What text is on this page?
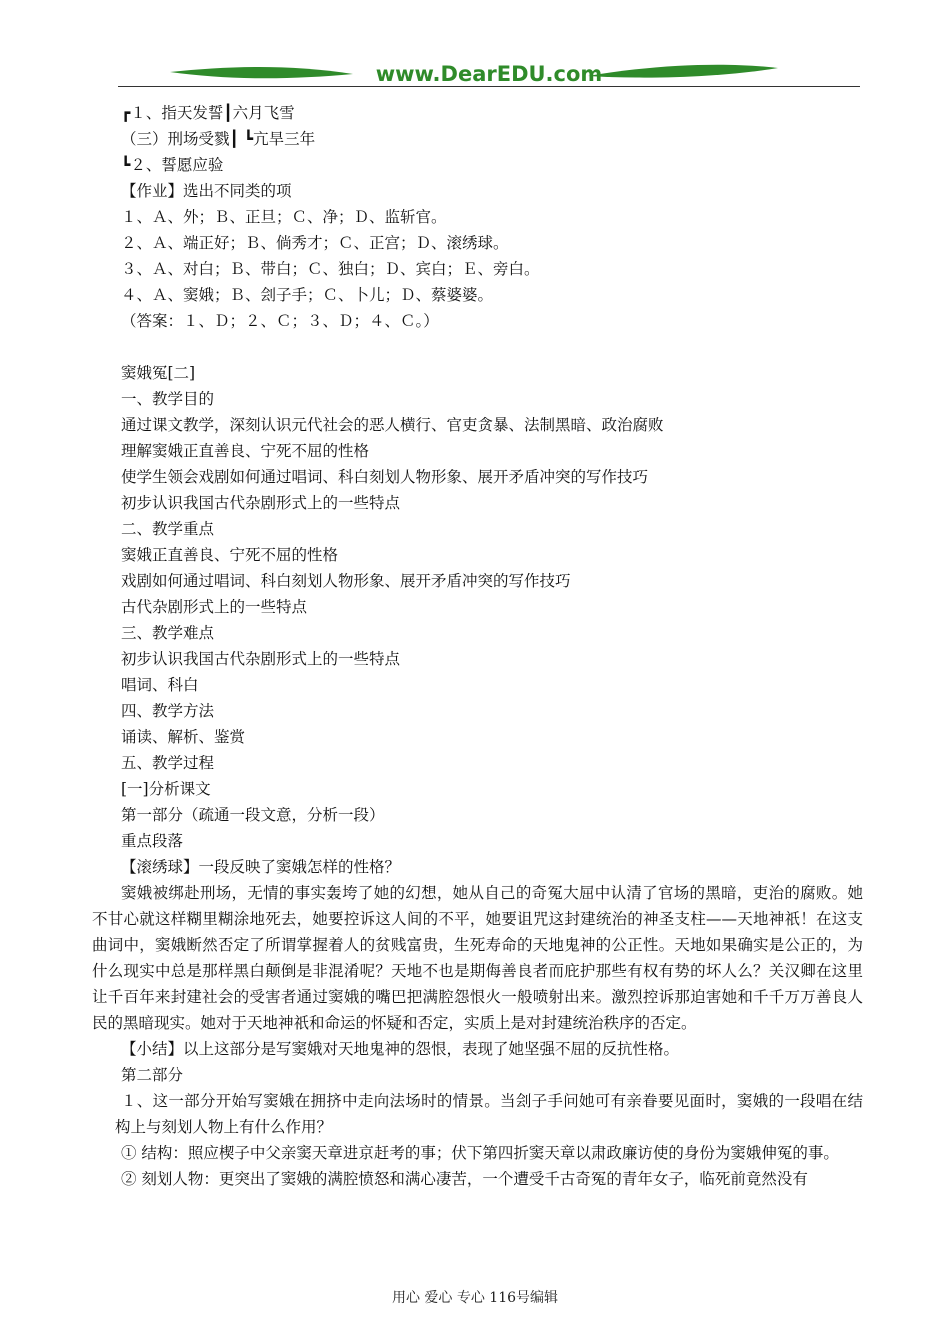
www.DearEDU.com
┏１、指天发誓┃六月飞雪
（三）刑场受戮┃ ┗亢旱三年
┗２、誓愿应验
【作业】选出不同类的项
１、Ａ、外；Ｂ、正旦；Ｃ、净；Ｄ、监斩官。
２、Ａ、端正好；Ｂ、倘秀才；Ｃ、正宫；Ｄ、滚绣球。
３、Ａ、对白；Ｂ、带白；Ｃ、独白；Ｄ、宾白；Ｅ、旁白。
４、Ａ、窦娥；Ｂ、刽子手；Ｃ、卜儿；Ｄ、蔡婆婆。
（答案：１、Ｄ；２、Ｃ；３、Ｄ；４、Ｃ。）
窦娥冤[二]
一、教学目的
通过课文教学，深刻认识元代社会的恶人横行、官吏贪暴、法制黑暗、政治腐败
理解窦娥正直善良、宁死不屈的性格
使学生领会戏剧如何通过唱词、科白刻划人物形象、展开矛盾冲突的写作技巧
初步认识我国古代杂剧形式上的一些特点
二、教学重点
窦娥正直善良、宁死不屈的性格
戏剧如何通过唱词、科白刻划人物形象、展开矛盾冲突的写作技巧
古代杂剧形式上的一些特点
三、教学难点
初步认识我国古代杂剧形式上的一些特点
唱词、科白
四、教学方法
诵读、解析、鉴赏
五、教学过程
[一]分析课文
第一部分（疏通一段文意，分析一段）
重点段落
【滚绣球】一段反映了窦娥怎样的性格？
窦娥被绑赴刑场，无情的事实轰垮了她的幻想，她从自己的奇冤大屈中认清了官场的黑暗，吏治的腐败。她不甘心就这样糊里糊涂地死去，她要控诉这人间的不平，她要诅咒这封建统治的神圣支柱——天地神祇！在这支曲词中，窦娥断然否定了所谓掌握着人的贫贱富贵，生死寿命的天地鬼神的公正性。天地如果确实是公正的，为什么现实中总是那样黑白颠倒是非混淆呢？天地不也是期侮善良者而庇护那些有权有势的坏人么？关汉卿在这里让千百年来封建社会的受害者通过窦娥的嘴巴把满腔怨恨火一般喷射出来。激烈控诉那迫害她和千千万万善良人民的黑暗现实。她对于天地神祇和命运的怀疑和否定，实质上是对封建统治秩序的否定。
【小结】以上这部分是写窦娥对天地鬼神的怨恨，表现了她坚强不屈的反抗性格。
第二部分
１、这一部分开始写窦娥在拥挤中走向法场时的情景。当刽子手问她可有亲眷要见面时，窦娥的一段唱在结构上与刻划人物上有什么作用？
① 结构：照应楔子中父亲窦天章进京赶考的事；伏下第四折窦天章以肃政廉访使的身份为窦娥伸冤的事。
② 刻划人物：更突出了窦娥的满腔愤怒和满心凄苦，一个遭受千古奇冤的青年女子，临死前竟然没有
用心 爱心 专心 116号编辑
